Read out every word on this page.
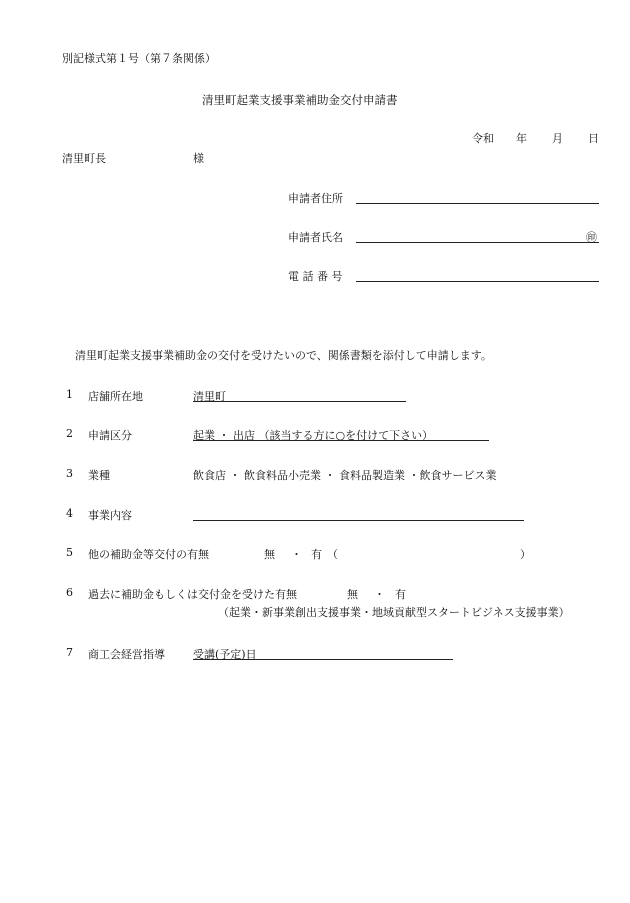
別記様式第１号（第７条関係）
清里町起業支援事業補助金交付申請書
令和 年 月 日
清里町長	様
申請者住所
申請者氏名	㊞
電 話 番 号
清里町起業支援事業補助金の交付を受けたいので、関係書類を添付して申請します。
1 店舗所在地	清里町
2 申請区分	起業 ・ 出店 （該当する方に○を付けて下さい）
3 業種	飲食店 ・ 飲食料品小売業 ・ 食料品製造業 ・飲食サービス業
4 事業内容
5 他の補助金等交付の有無	無 ・ 有 （	）
6 過去に補助金もしくは交付金を受けた有無	無 ・ 有
（起業・新事業創出支援事業・地域貢献型スタートビジネス支援事業）
7 商工会経営指導	受講(予定)日
